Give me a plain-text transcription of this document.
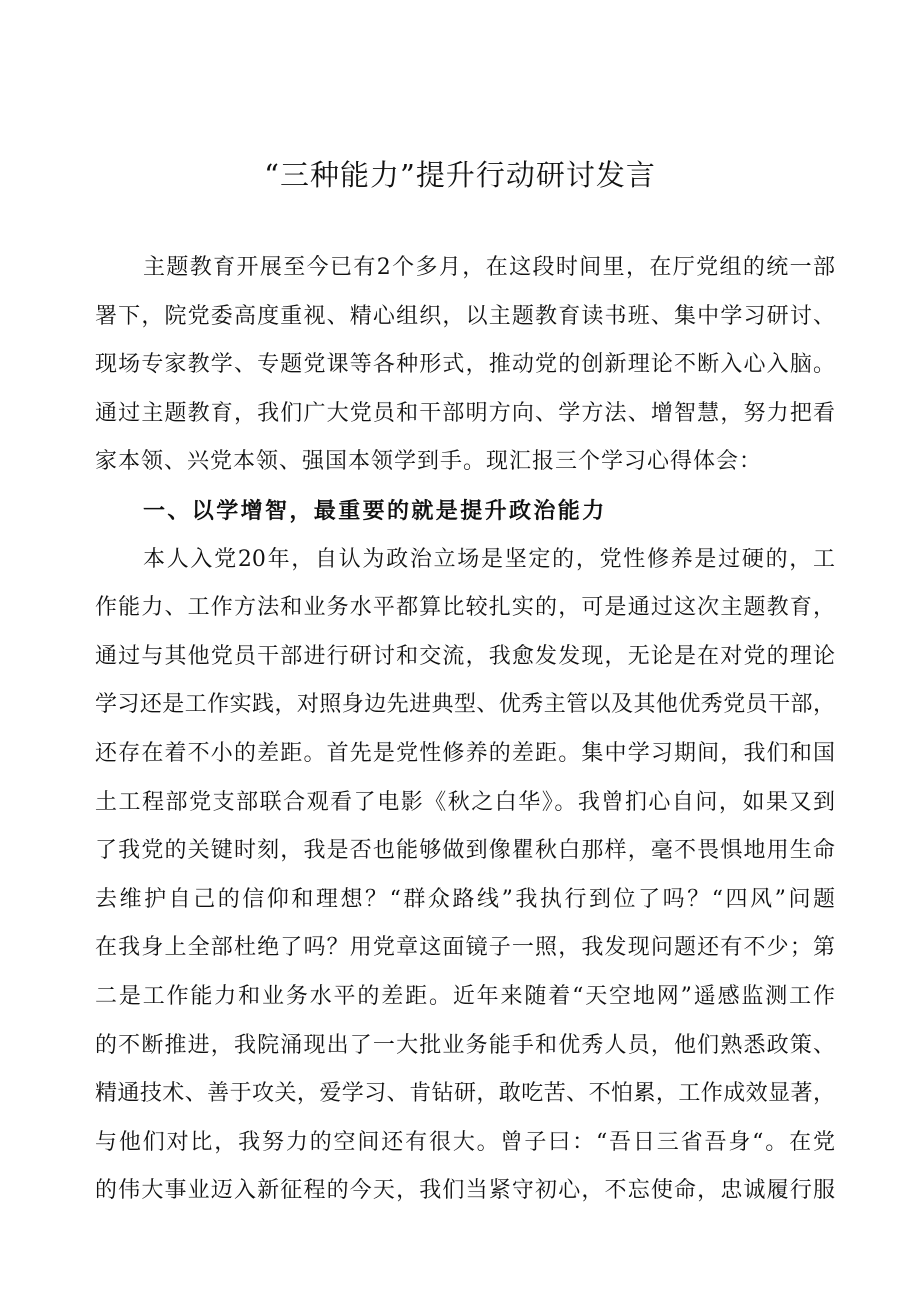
“三种能力”提升行动研讨发言
主题教育开展至今已有2个多月，在这段时间里，在厅党组的统一部
署下，院党委高度重视、精心组织，以主题教育读书班、集中学习研讨、
现场专家教学、专题党课等各种形式，推动党的创新理论不断入心入脑。
通过主题教育，我们广大党员和干部明方向、学方法、增智慧，努力把看
家本领、兴党本领、强国本领学到手。现汇报三个学习心得体会：
一、以学增智，最重要的就是提升政治能力
本人入党20年，自认为政治立场是坚定的，党性修养是过硬的，工
作能力、工作方法和业务水平都算比较扎实的，可是通过这次主题教育，
通过与其他党员干部进行研讨和交流，我愈发发现，无论是在对党的理论
学习还是工作实践，对照身边先进典型、优秀主管以及其他优秀党员干部，
还存在着不小的差距。首先是党性修养的差距。集中学习期间，我们和国
土工程部党支部联合观看了电影《秋之白华》。我曾扪心自问，如果又到
了我党的关键时刻，我是否也能够做到像瞿秋白那样，毫不畏惧地用生命
去维护自己的信仰和理想？“群众路线”我执行到位了吗？“四风”问题
在我身上全部杜绝了吗？用党章这面镜子一照，我发现问题还有不少；第
二是工作能力和业务水平的差距。近年来随着“天空地网”遥感监测工作
的不断推进，我院涌现出了一大批业务能手和优秀人员，他们熟悉政策、
精通技术、善于攻关，爱学习、肯钻研，敢吃苦、不怕累，工作成效显著，
与他们对比，我努力的空间还有很大。曾子曰：“吾日三省吾身“。在党
的伟大事业迈入新征程的今天，我们当紧守初心，不忘使命，忠诚履行服
